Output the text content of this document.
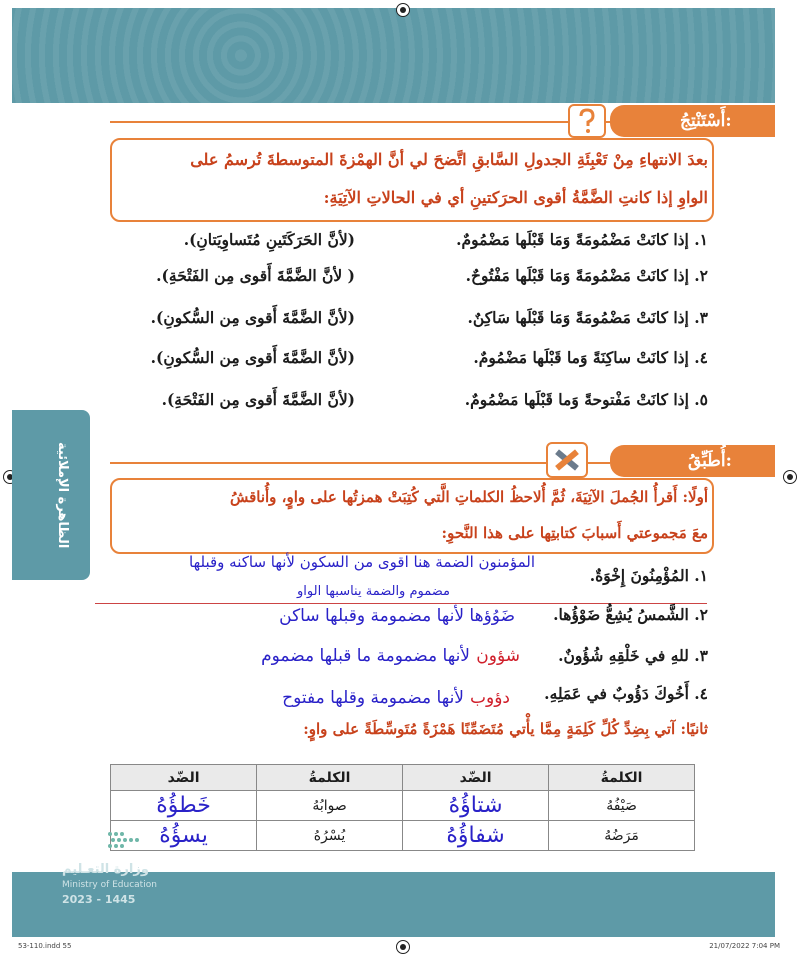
الظاهرة الإملائية
أَسْتَنْتِجُ:
بعدَ الانتهاءِ مِنْ تَعْبِئَةِ الجدولِ السَّابقِ اتَّضحَ لي أنَّ الهمْزةَ المتوسطةَ تُرسمُ على
الواوِ إذا كانتِ الضَّمَّةُ أقوى الحرَكتينِ أي في الحالاتِ الآتِيَةِ:
١. إذا كانَتْ مَضْمُومَةً وَمَا قَبْلَها مَضْمُومٌ.
(لأنَّ الحَرَكَتَينِ مُتَساوِيَتانِ).
٢. إذا كانَتْ مَضْمُومَةً وَمَا قَبْلَها مَفْتُوحٌ.
( لأنَّ الضَّمَّةَ أَقوى مِن الفَتْحَةِ).
٣. إذا كانَتْ مَضْمُومَةً وَمَا قَبْلَها سَاكِنٌ.
(لأنَّ الضَّمَّةَ أَقوى مِن السُّكونِ).
٤. إذا كانَتْ ساكِنَةً وَما قَبْلَها مَضْمُومٌ.
(لأنَّ الضَّمَّةَ أَقوى مِن السُّكونِ).
٥. إذا كانَتْ مَفْتوحةً وَما قَبْلَها مَضْمُومٌ.
(لأنَّ الضَّمَّةَ أَقوى مِن الفَتْحَةِ).
أُطَبِّقُ:
أولًا: أَقرأُ الجُملَ الآتِيَةَ، ثُمَّ أُلاحظُ الكلماتِ الَّتي كُتِبَتْ همزتُها على واوٍ، وأُناقشُ
معَ مَجموعتي أَسبابَ كتابتِها على هذا النَّحوِ:
١. المُؤْمِنُونَ إِخْوَةٌ.
المؤمنون الضمة هنا اقوى من السكون لأنها ساكنه وقبلها
مضموم والضمة يناسبها الواو
٢. الشَّمسُ يُشِعُّ ضَوْؤُها.
ضَوُؤها لأنها مضمومة وقبلها ساكن
٣. للهِ في خَلْقِهِ شُؤُونٌ.
شؤون
لأنها مضمومة ما قبلها مضموم
٤. أَخُوكَ دَؤُوبٌ في عَمَلِهِ.
دؤوب
لأنها مضمومة وقلها مفتوح
ثانيًا: آتي بِضِدِّ كُلِّ كَلِمَةٍ مِمَّا يأْتي مُتَضَمِّنًا هَمْزَةً مُتَوسِّطَةً على واوٍ:
الضّد	الكلمةُ	الضّد	الكلمةُ
خَطؤُهُ	صوابُهُ	شتاؤُهُ	صَيْفُهُ
يسؤُهُ	يُسْرُهُ	شفاؤُهُ	مَرَضُهُ
وزارة التعـليم
Ministry of Education
2023 - 1445
53-110.indd 55	21/07/2022 7:04 PM
